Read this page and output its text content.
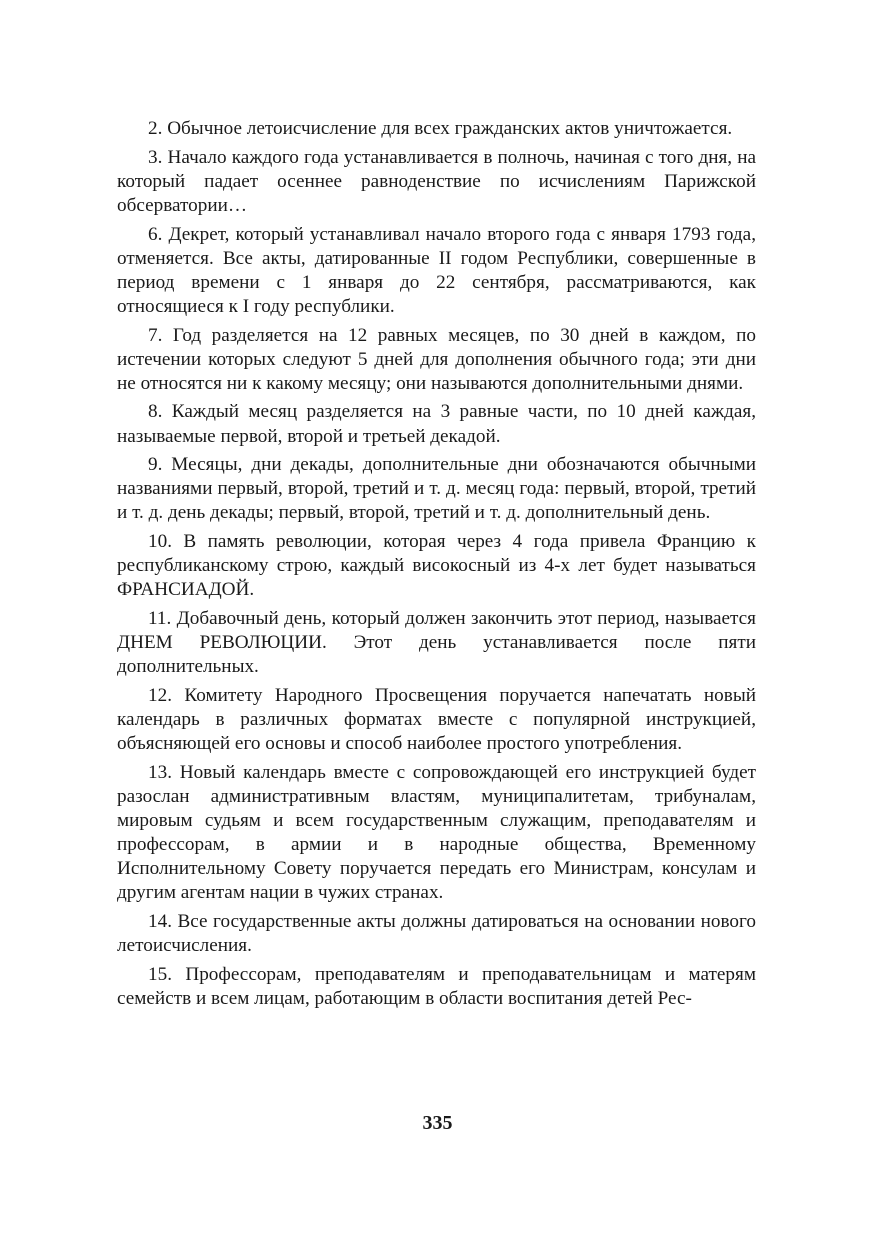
2. Обычное летоисчисление для всех гражданских актов уничтожается.

3. Начало каждого года устанавливается в полночь, начиная с того дня, на который падает осеннее равноденствие по исчислениям Парижской обсерватории…

6. Декрет, который устанавливал начало второго года с января 1793 года, отменяется. Все акты, датированные II годом Республики, совершенные в период времени с 1 января до 22 сентября, рассматриваются, как относящиеся к I году республики.

7. Год разделяется на 12 равных месяцев, по 30 дней в каждом, по истечении которых следуют 5 дней для дополнения обычного года; эти дни не относятся ни к какому месяцу; они называются дополнительными днями.

8. Каждый месяц разделяется на 3 равные части, по 10 дней каждая, называемые первой, второй и третьей декадой.

9. Месяцы, дни декады, дополнительные дни обозначаются обычными названиями первый, второй, третий и т. д. месяц года: первый, второй, третий и т. д. день декады; первый, второй, третий и т. д. дополнительный день.

10. В память революции, которая через 4 года привела Францию к республиканскому строю, каждый високосный из 4-х лет будет называться ФРАНСИАДОЙ.

11. Добавочный день, который должен закончить этот период, называется ДНЕМ РЕВОЛЮЦИИ. Этот день устанавливается после пяти дополнительных.

12. Комитету Народного Просвещения поручается напечатать новый календарь в различных форматах вместе с популярной инструкцией, объясняющей его основы и способ наиболее простого употребления.

13. Новый календарь вместе с сопровождающей его инструкцией будет разослан административным властям, муниципалитетам, трибуналам, мировым судьям и всем государственным служащим, преподавателям и профессорам, в армии и в народные общества, Временному Исполнительному Совету поручается передать его Министрам, консулам и другим агентам нации в чужих странах.

14. Все государственные акты должны датироваться на основании нового летоисчисления.

15. Профессорам, преподавателям и преподавательницам и матерям семейств и всем лицам, работающим в области воспитания детей Рес-

335
